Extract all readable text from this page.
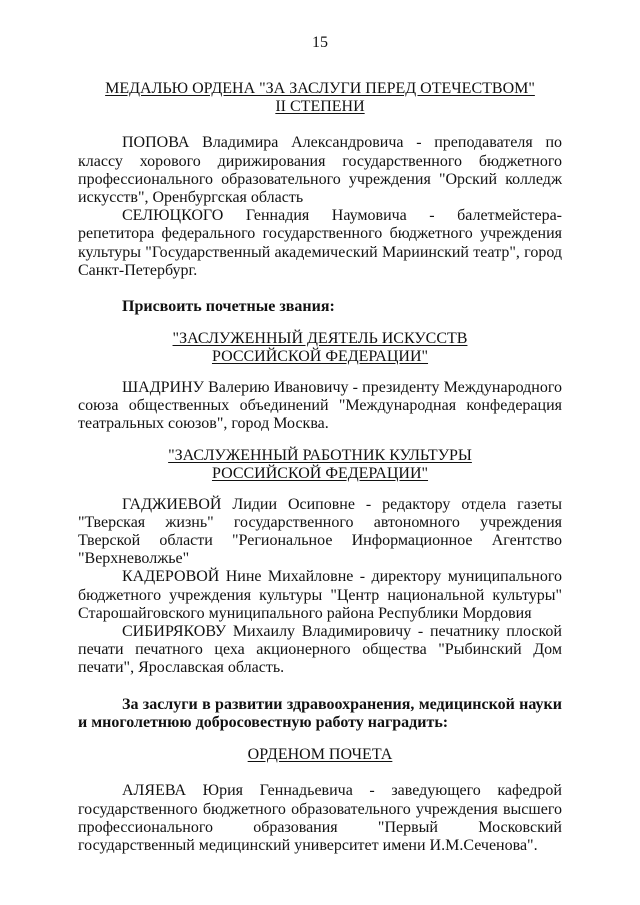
15
МЕДАЛЬЮ ОРДЕНА "ЗА ЗАСЛУГИ ПЕРЕД ОТЕЧЕСТВОМ"
II СТЕПЕНИ
ПОПОВА Владимира Александровича - преподавателя по классу хорового дирижирования государственного бюджетного профессионального образовательного учреждения "Орский колледж искусств", Оренбургская область
СЕЛЮЦКОГО Геннадия Наумовича - балетмейстера-репетитора федерального государственного бюджетного учреждения культуры "Государственный академический Мариинский театр", город Санкт-Петербург.
Присвоить почетные звания:
"ЗАСЛУЖЕННЫЙ ДЕЯТЕЛЬ ИСКУССТВ
РОССИЙСКОЙ ФЕДЕРАЦИИ"
ШАДРИНУ Валерию Ивановичу - президенту Международного союза общественных объединений "Международная конфедерация театральных союзов", город Москва.
"ЗАСЛУЖЕННЫЙ РАБОТНИК КУЛЬТУРЫ
РОССИЙСКОЙ ФЕДЕРАЦИИ"
ГАДЖИЕВОЙ Лидии Осиповне - редактору отдела газеты "Тверская жизнь" государственного автономного учреждения Тверской области "Региональное Информационное Агентство "Верхневолжье"
КАДЕРОВОЙ Нине Михайловне - директору муниципального бюджетного учреждения культуры "Центр национальной культуры" Старошайговского муниципального района Республики Мордовия
СИБИРЯКОВУ Михаилу Владимировичу - печатнику плоской печати печатного цеха акционерного общества "Рыбинский Дом печати", Ярославская область.
За заслуги в развитии здравоохранения, медицинской науки и многолетнюю добросовестную работу наградить:
ОРДЕНОМ ПОЧЕТА
АЛЯЕВА Юрия Геннадьевича - заведующего кафедрой государственного бюджетного образовательного учреждения высшего профессионального образования "Первый Московский государственный медицинский университет имени И.М.Сеченова".
